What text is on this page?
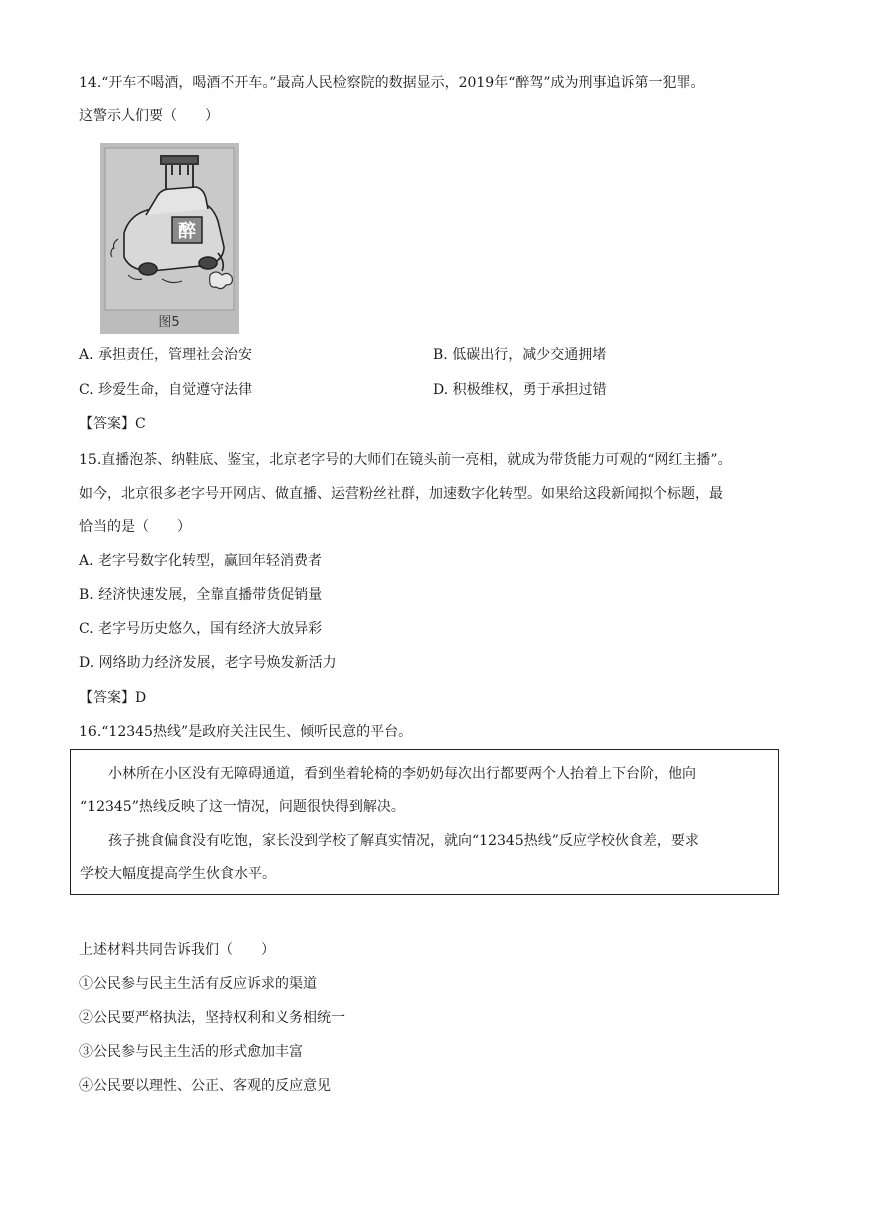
14.“开车不喝酒，喝酒不开车。”最高人民检察院的数据显示，2019年“醉驾”成为刑事追诉第一犯罪。
这警示人们要（　　）
醉
图5
A. 承担责任，管理社会治安	B. 低碳出行，减少交通拥堵
C. 珍爱生命，自觉遵守法律	D. 积极维权，勇于承担过错
【答案】C
15.直播泡茶、纳鞋底、鉴宝，北京老字号的大师们在镜头前一亮相，就成为带货能力可观的“网红主播”。
如今，北京很多老字号开网店、做直播、运营粉丝社群，加速数字化转型。如果给这段新闻拟个标题，最
恰当的是（　　）
A. 老字号数字化转型，赢回年轻消费者
B. 经济快速发展，全靠直播带货促销量
C. 老字号历史悠久，国有经济大放异彩
D. 网络助力经济发展，老字号焕发新活力
【答案】D
16.“12345热线”是政府关注民生、倾听民意的平台。
小林所在小区没有无障碍通道，看到坐着轮椅的李奶奶每次出行都要两个人抬着上下台阶，他向
“12345”热线反映了这一情况，问题很快得到解决。
孩子挑食偏食没有吃饱，家长没到学校了解真实情况，就向“12345热线”反应学校伙食差，要求
学校大幅度提高学生伙食水平。
上述材料共同告诉我们（　　）
①公民参与民主生活有反应诉求的渠道
②公民要严格执法，坚持权利和义务相统一
③公民参与民主生活的形式愈加丰富
④公民要以理性、公正、客观的反应意见
